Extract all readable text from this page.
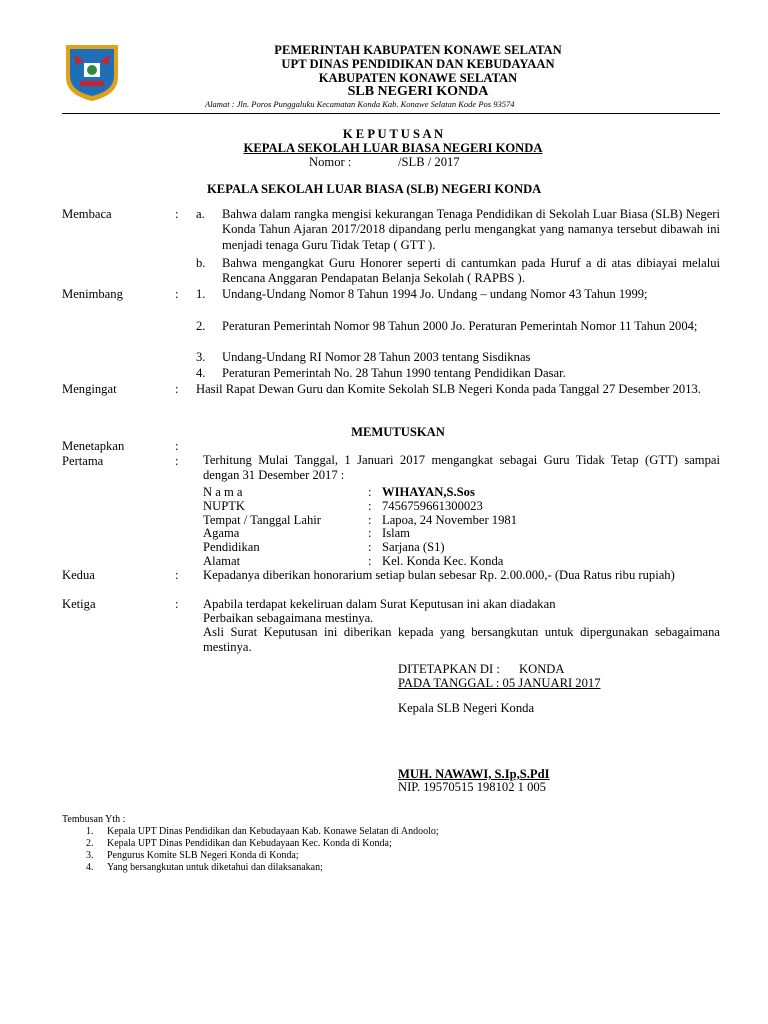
PEMERINTAH KABUPATEN KONAWE SELATAN
UPT DINAS PENDIDIKAN DAN KEBUDAYAAN
KABUPATEN KONAWE SELATAN
SLB NEGERI KONDA
Alamat : Jln. Poros Punggaluku Kecamatan Konda Kab. Konawe Selatan Kode Pos 93574
K E P U T U S A N
KEPALA SEKOLAH LUAR BIASA NEGERI KONDA
Nomor :	/SLB / 2017
KEPALA SEKOLAH LUAR BIASA (SLB) NEGERI KONDA
Membaca	: a. Bahwa dalam rangka mengisi kekurangan Tenaga Pendidikan di Sekolah Luar Biasa (SLB) Negeri Konda Tahun Ajaran 2017/2018 dipandang perlu mengangkat yang namanya tersebut dibawah ini menjadi tenaga Guru Tidak Tetap ( GTT ).
b. Bahwa mengangkat Guru Honorer seperti di cantumkan pada Huruf a di atas dibiayai melalui Rencana Anggaran Pendapatan Belanja Sekolah ( RAPBS ).
Menimbang	: 1. Undang-Undang Nomor 8 Tahun 1994 Jo. Undang – undang Nomor 43 Tahun 1999;
2. Peraturan Pemerintah Nomor 98 Tahun 2000 Jo. Peraturan Pemerintah Nomor 11 Tahun 2004;
3. Undang-Undang RI Nomor 28 Tahun 2003 tentang Sisdiknas
4. Peraturan Pemerintah No. 28 Tahun 1990 tentang Pendidikan Dasar.
Mengingat	: Hasil Rapat Dewan Guru dan Komite Sekolah SLB Negeri Konda pada Tanggal 27 Desember 2013.
MEMUTUSKAN
Menetapkan	:
Pertama	: Terhitung Mulai Tanggal, 1 Januari 2017 mengangkat sebagai Guru Tidak Tetap (GTT) sampai dengan 31 Desember 2017 :
N a m a	: WIHAYAN,S.Sos
NUPTK	: 7456759661300023
Tempat / Tanggal Lahir	: Lapoa, 24 November 1981
Agama	: Islam
Pendidikan	: Sarjana (S1)
Alamat	: Kel. Konda Kec. Konda
Kedua	: Kepadanya diberikan honorarium setiap bulan sebesar Rp. 2.00.000,- (Dua Ratus ribu rupiah)
Ketiga	: Apabila terdapat kekeliruan dalam Surat Keputusan ini akan diadakan
Perbaikan sebagaimana mestinya.
Asli Surat Keputusan ini diberikan kepada yang bersangkutan untuk dipergunakan sebagaimana mestinya.
DITETAPKAN DI : KONDA
PADA TANGGAL : 05 JANUARI 2017
Kepala SLB Negeri Konda
MUH. NAWAWI, S.Ip,S.PdI
NIP. 19570515 198102 1 005
Tembusan Yth :
1. Kepala UPT Dinas Pendidikan dan Kebudayaan Kab. Konawe Selatan di Andoolo;
2. Kepala UPT Dinas Pendidikan dan Kebudayaan Kec. Konda di Konda;
3. Pengurus Komite SLB Negeri Konda di Konda;
4. Yang bersangkutan untuk diketahui dan dilaksanakan;
